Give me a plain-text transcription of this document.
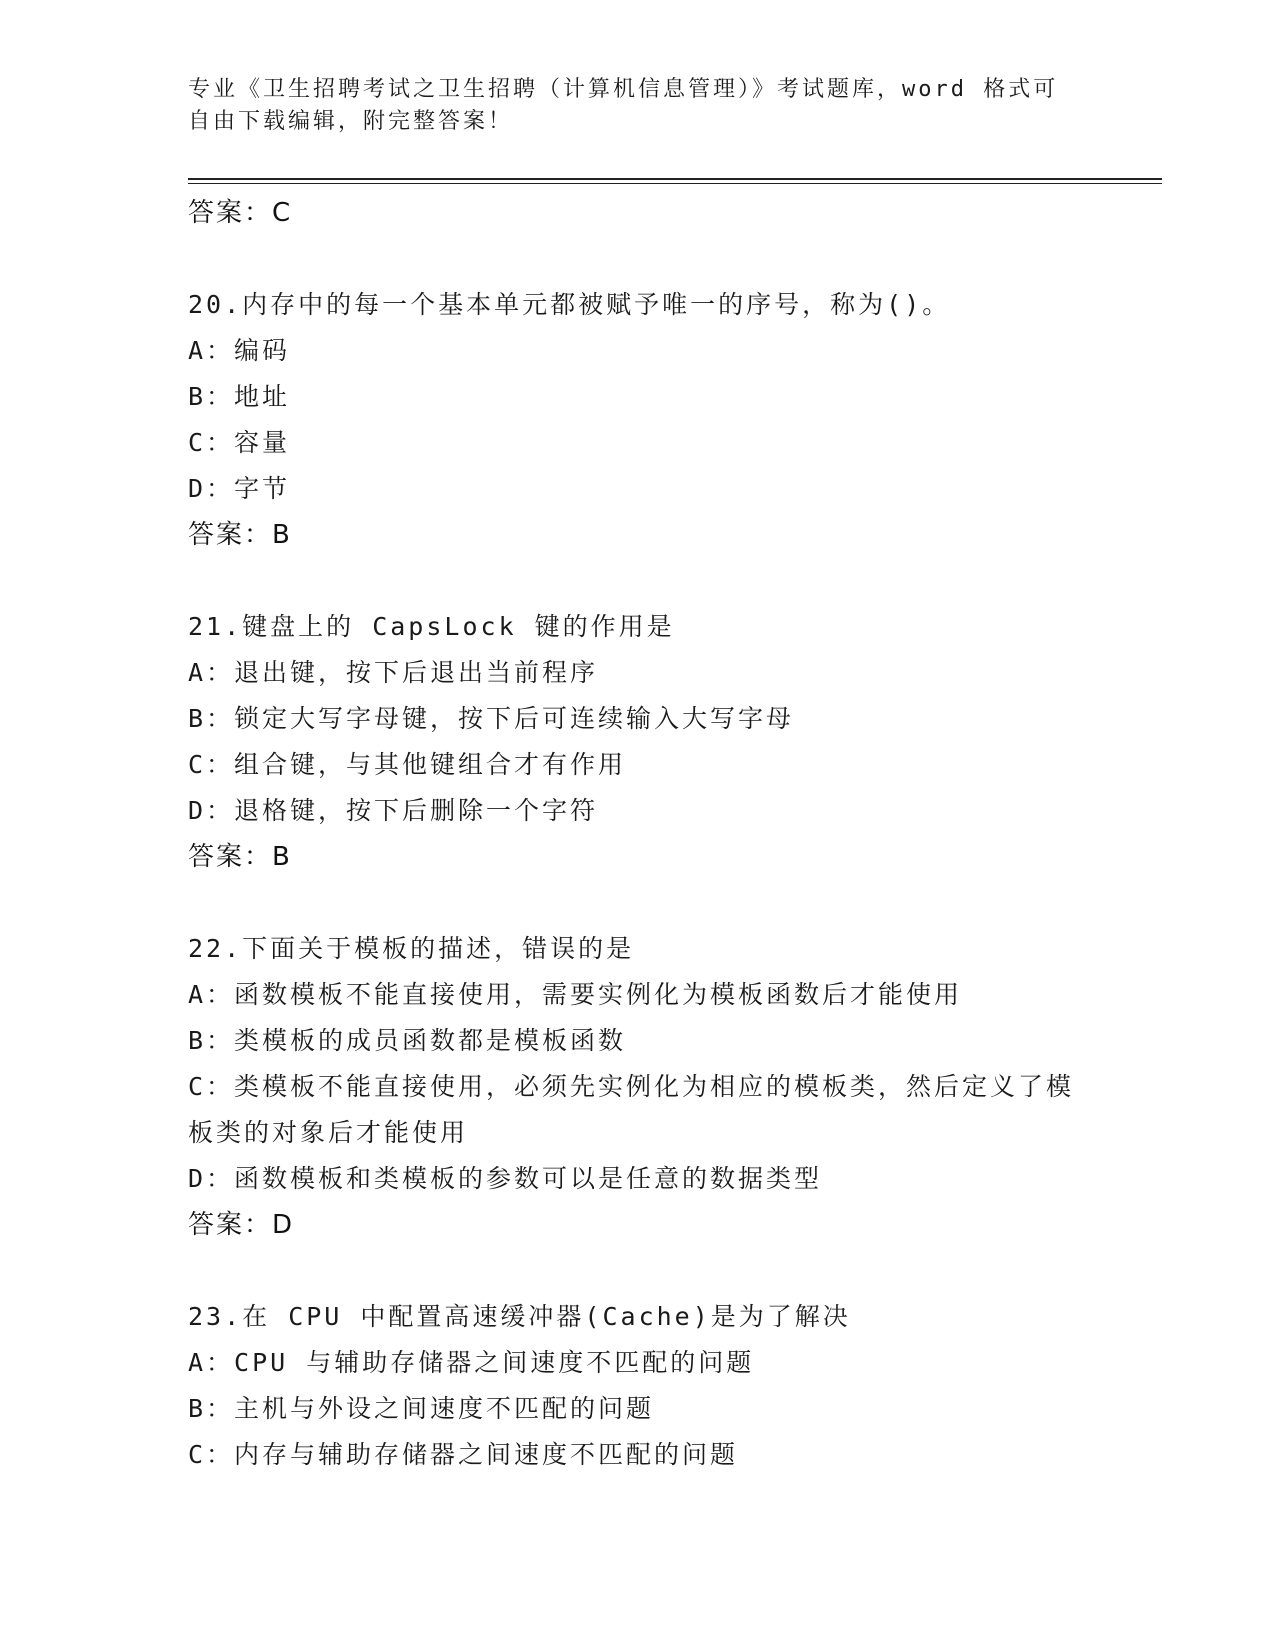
专业《卫生招聘考试之卫生招聘（计算机信息管理）》考试题库，word 格式可自由下载编辑，附完整答案！
答案：C
20.内存中的每一个基本单元都被赋予唯一的序号，称为()。
A：编码
B：地址
C：容量
D：字节
答案：B
21.键盘上的 CapsLock 键的作用是
A：退出键，按下后退出当前程序
B：锁定大写字母键，按下后可连续输入大写字母
C：组合键，与其他键组合才有作用
D：退格键，按下后删除一个字符
答案：B
22.下面关于模板的描述，错误的是
A：函数模板不能直接使用，需要实例化为模板函数后才能使用
B：类模板的成员函数都是模板函数
C：类模板不能直接使用，必须先实例化为相应的模板类，然后定义了模板类的对象后才能使用
D：函数模板和类模板的参数可以是任意的数据类型
答案：D
23.在 CPU 中配置高速缓冲器(Cache)是为了解决
A：CPU 与辅助存储器之间速度不匹配的问题
B：主机与外设之间速度不匹配的问题
C：内存与辅助存储器之间速度不匹配的问题
